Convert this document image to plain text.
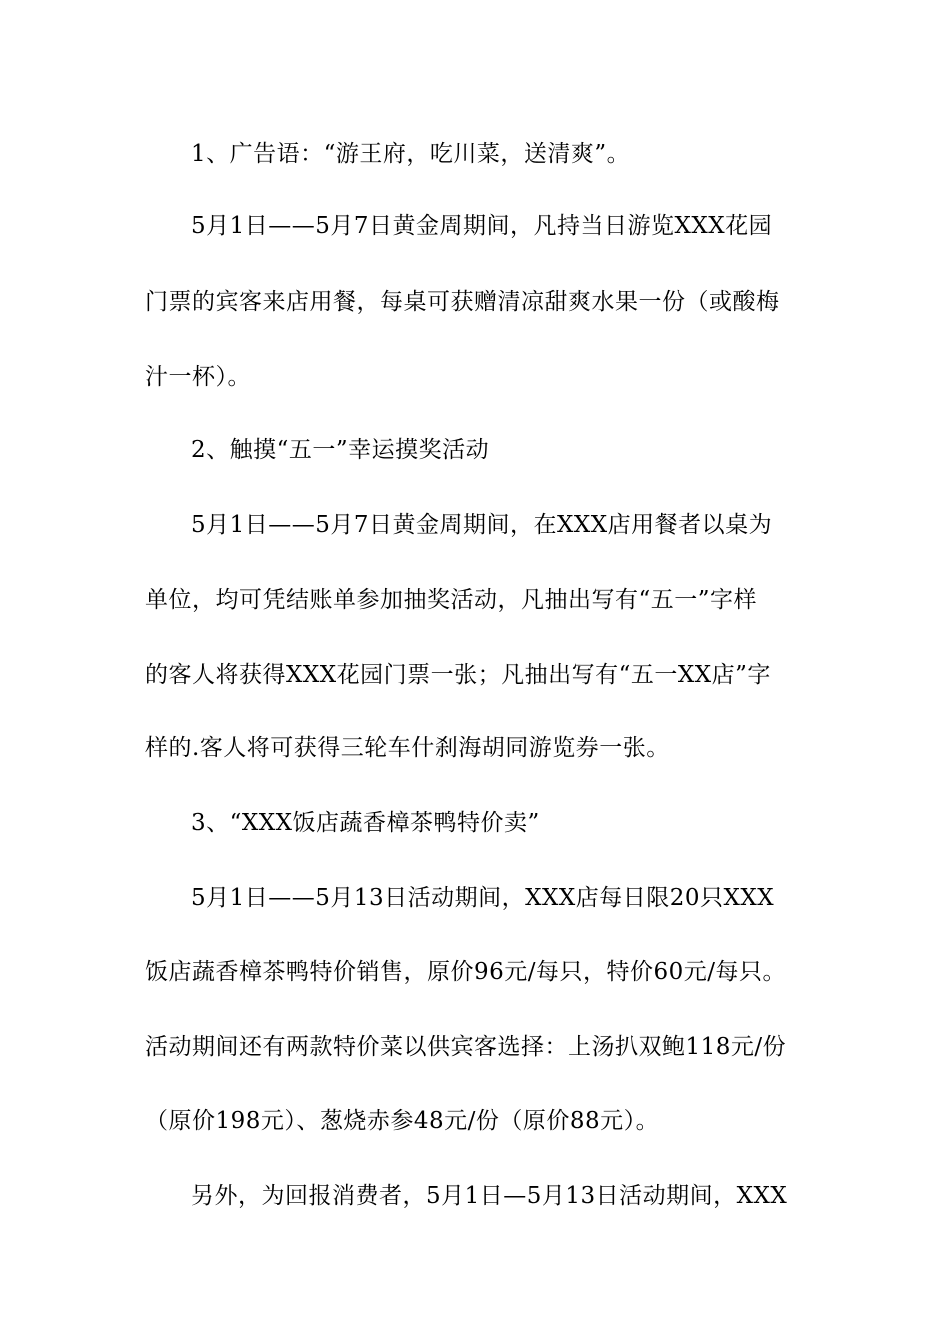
1、广告语：“游王府，吃川菜，送清爽”。
5月1日——5月7日黄金周期间，凡持当日游览XXX花园
门票的宾客来店用餐，每桌可获赠清凉甜爽水果一份（或酸梅
汁一杯）。
2、触摸“五一”幸运摸奖活动
5月1日——5月7日黄金周期间，在XXX店用餐者以桌为
单位，均可凭结账单参加抽奖活动，凡抽出写有“五一”字样
的客人将获得XXX花园门票一张；凡抽出写有“五一XX店”字
样的.客人将可获得三轮车什刹海胡同游览券一张。
3、“XXX饭店蔬香樟茶鸭特价卖”
5月1日——5月13日活动期间，XXX店每日限20只XXX
饭店蔬香樟茶鸭特价销售，原价96元/每只，特价60元/每只。
活动期间还有两款特价菜以供宾客选择：上汤扒双鲍118元/份
（原价198元）、葱烧赤参48元/份（原价88元）。
另外，为回报消费者，5月1日—5月13日活动期间，XXX
